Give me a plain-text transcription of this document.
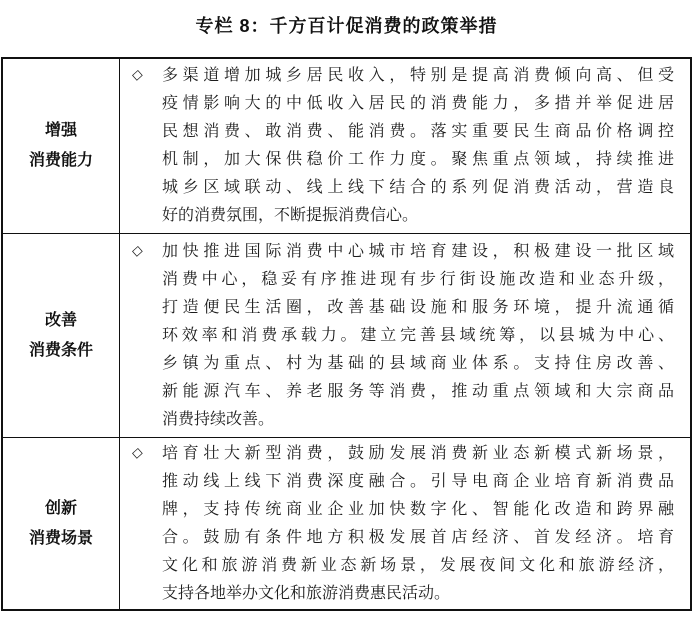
专栏 8：千方百计促消费的政策举措
增强
消费能力
◇	多渠道增加城乡居民收入，特别是提高消费倾向高、但受
疫情影响大的中低收入居民的消费能力，多措并举促进居
民想消费、敢消费、能消费。落实重要民生商品价格调控
机制，加大保供稳价工作力度。聚焦重点领域，持续推进
城乡区域联动、线上线下结合的系列促消费活动，营造良
好的消费氛围，不断提振消费信心。
改善
消费条件
◇	加快推进国际消费中心城市培育建设，积极建设一批区域
消费中心，稳妥有序推进现有步行街设施改造和业态升级，
打造便民生活圈，改善基础设施和服务环境，提升流通循
环效率和消费承载力。建立完善县域统筹，以县城为中心、
乡镇为重点、村为基础的县域商业体系。支持住房改善、
新能源汽车、养老服务等消费，推动重点领域和大宗商品
消费持续改善。
创新
消费场景
◇	培育壮大新型消费，鼓励发展消费新业态新模式新场景，
推动线上线下消费深度融合。引导电商企业培育新消费品
牌，支持传统商业企业加快数字化、智能化改造和跨界融
合。鼓励有条件地方积极发展首店经济、首发经济。培育
文化和旅游消费新业态新场景，发展夜间文化和旅游经济，
支持各地举办文化和旅游消费惠民活动。
